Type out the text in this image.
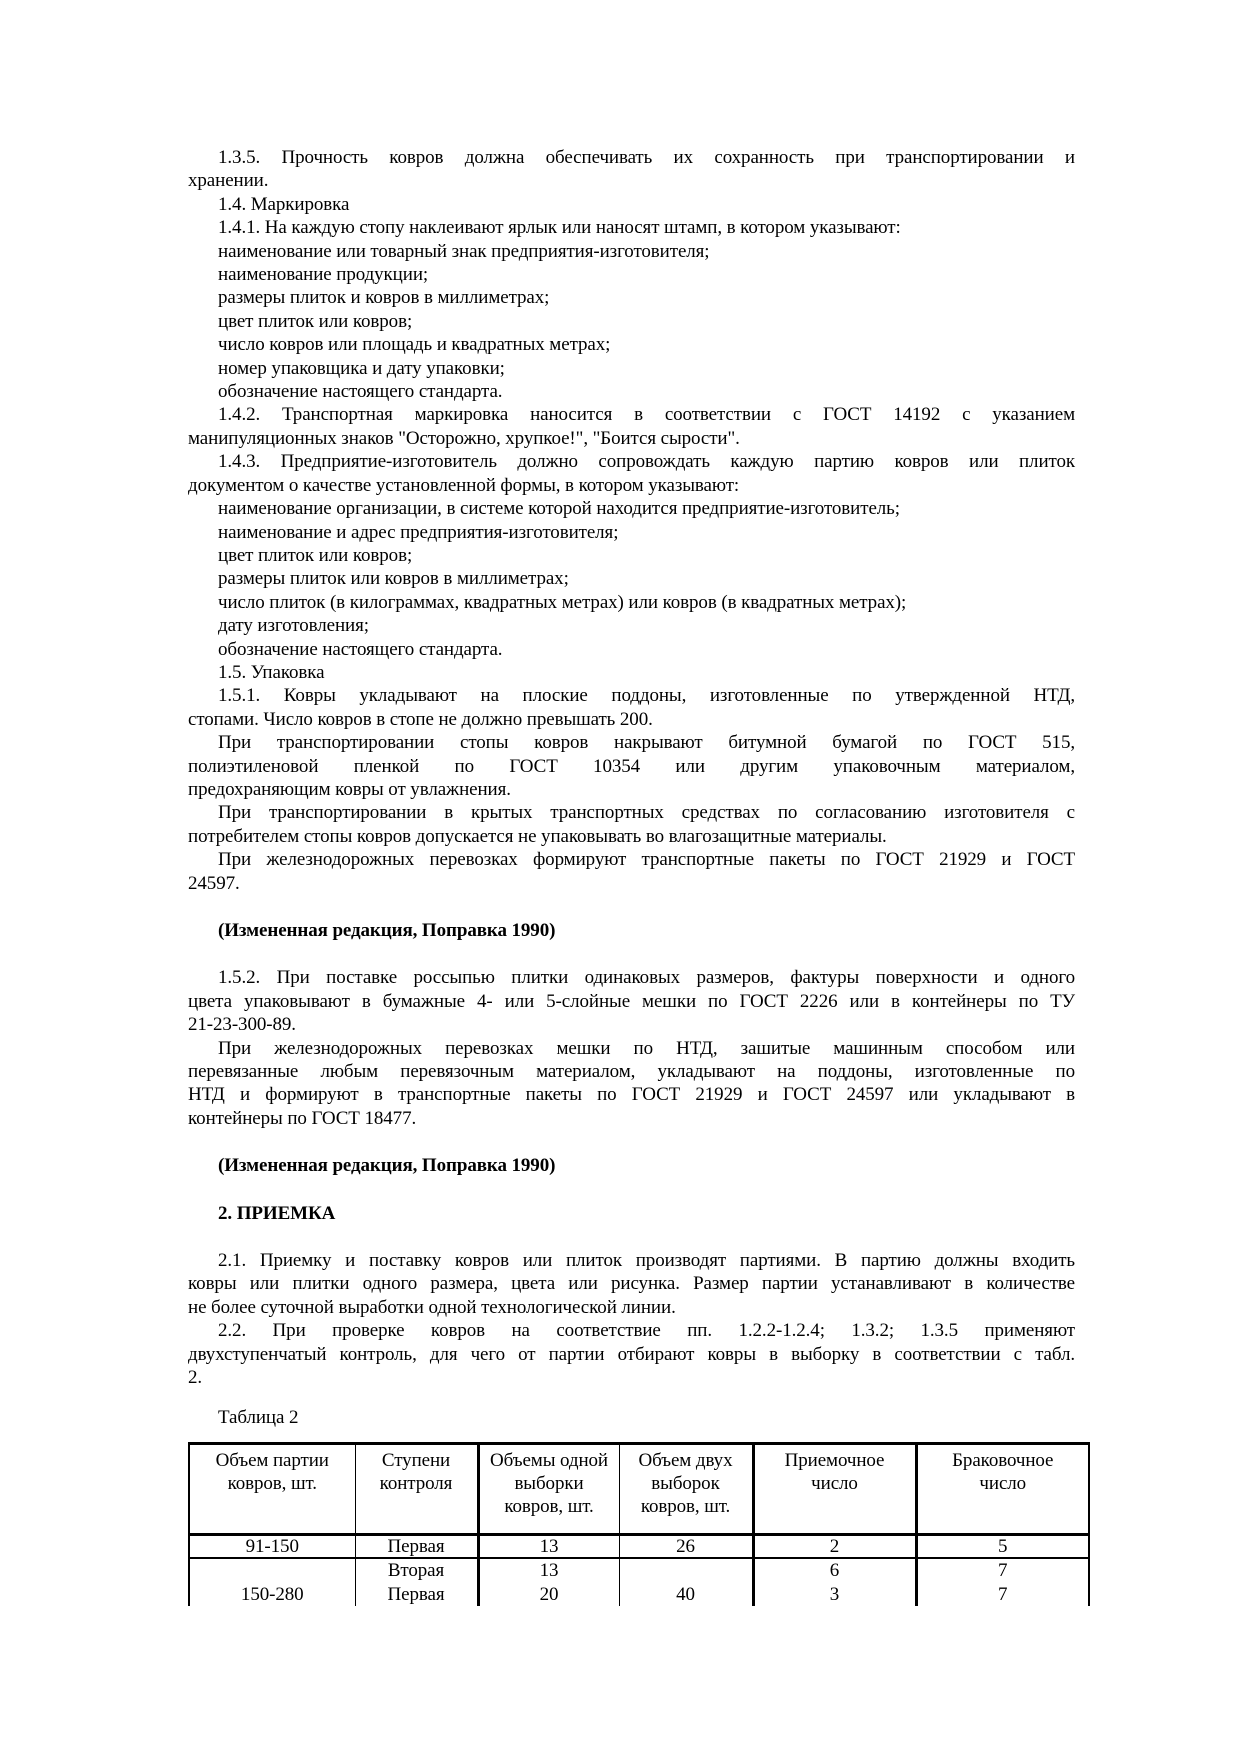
1.3.5. Прочность ковров должна обеспечивать их сохранность при транспортировании и
хранении.
1.4. Маркировка
1.4.1. На каждую стопу наклеивают ярлык или наносят штамп, в котором указывают:
наименование или товарный знак предприятия-изготовителя;
наименование продукции;
размеры плиток и ковров в миллиметрах;
цвет плиток или ковров;
число ковров или площадь и квадратных метрах;
номер упаковщика и дату упаковки;
обозначение настоящего стандарта.
1.4.2. Транспортная маркировка наносится в соответствии с ГОСТ 14192 с указанием
манипуляционных знаков "Осторожно, хрупкое!", "Боится сырости".
1.4.3. Предприятие-изготовитель должно сопровождать каждую партию ковров или плиток
документом о качестве установленной формы, в котором указывают:
наименование организации, в системе которой находится предприятие-изготовитель;
наименование и адрес предприятия-изготовителя;
цвет плиток или ковров;
размеры плиток или ковров в миллиметрах;
число плиток (в килограммах, квадратных метрах) или ковров (в квадратных метрах);
дату изготовления;
обозначение настоящего стандарта.
1.5. Упаковка
1.5.1. Ковры укладывают на плоские поддоны, изготовленные по утвержденной НТД,
стопами. Число ковров в стопе не должно превышать 200.
При транспортировании стопы ковров накрывают битумной бумагой по ГОСТ 515,
полиэтиленовой пленкой по ГОСТ 10354 или другим упаковочным материалом,
предохраняющим ковры от увлажнения.
При транспортировании в крытых транспортных средствах по согласованию изготовителя с
потребителем стопы ковров допускается не упаковывать во влагозащитные материалы.
При железнодорожных перевозках формируют транспортные пакеты по ГОСТ 21929 и ГОСТ
24597.
(Измененная редакция, Поправка 1990)
1.5.2. При поставке россыпью плитки одинаковых размеров, фактуры поверхности и одного
цвета упаковывают в бумажные 4- или 5-слойные мешки по ГОСТ 2226 или в контейнеры по ТУ
21-23-300-89.
При железнодорожных перевозках мешки по НТД, зашитые машинным способом или
перевязанные любым перевязочным материалом, укладывают на поддоны, изготовленные по
НТД и формируют в транспортные пакеты по ГОСТ 21929 и ГОСТ 24597 или укладывают в
контейнеры по ГОСТ 18477.
(Измененная редакция, Поправка 1990)
2. ПРИЕМКА
2.1. Приемку и поставку ковров или плиток производят партиями. В партию должны входить
ковры или плитки одного размера, цвета или рисунка. Размер партии устанавливают в количестве
не более суточной выработки одной технологической линии.
2.2. При проверке ковров на соответствие пп. 1.2.2-1.2.4; 1.3.2; 1.3.5 применяют
двухступенчатый контроль, для чего от партии отбирают ковры в выборку в соответствии с табл.
2.
Таблица 2
Объем партии ковров, шт.	Ступени контроля	Объемы одной выборки ковров, шт.	Объем двух выборок ковров, шт.	Приемочное число	Браковочное число
91-150	Первая	13	26	2	5
	Вторая	13		6	7
150-280	Первая	20	40	3	7
